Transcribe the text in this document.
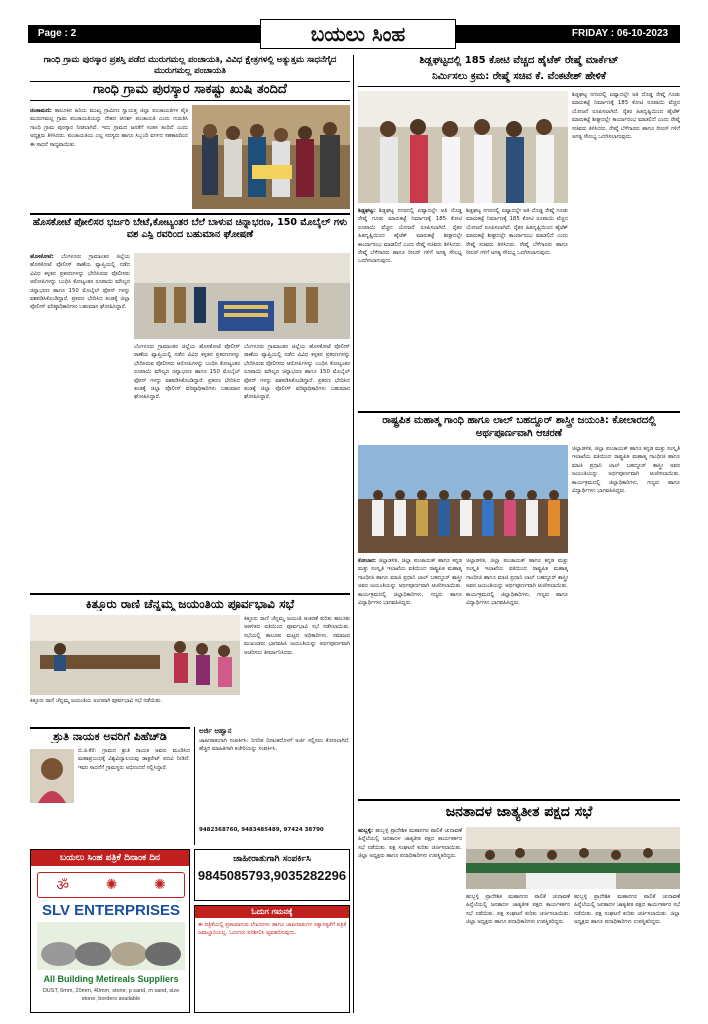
Page : 2	ಬಯಲು ಸಿಂಹ	FRIDAY : 06-10-2023
ಗಾಂಧಿ ಗ್ರಾಮ ಪುರಸ್ಕಾರ ಪ್ರಶಸ್ತಿ ಪಡೆದ ಮುರುಗಮಲ್ಲ ಪಂಚಾಯತಿ, ವಿವಿಧ ಕ್ಷೇತ್ರಗಳಲ್ಲಿ ಅತ್ಯುತ್ತಮ ಸಾಧನೆಗೈದ ಮುರುಗಮಲ್ಲ ಪಂಚಾಯತಿ
ಗಾಂಧಿ ಗ್ರಾಮ ಪುರಸ್ಕಾರ ಸಾಕಷ್ಟು ಖುಷಿ ತಂದಿದೆ
ಚಿಂತಾಮಣಿ: ತಾಲೂಕಿನ ಹಿರಿಯ ಮುಖ್ಯ ಗ್ರಾಮೀಣ ಸ್ವಾಯತ್ತ ಜಿಲ್ಲಾ ಪಂಚಾಯತಿಗಳ ಪೈಕಿ ಮುರುಗಮಲ್ಲ ಗ್ರಾಮ ಪಂಚಾಯತಿಯನ್ನು ದೇಶದ ಆದರ್ಶ ಪಂಚಾಯತಿ ಎಂದು ಗುರುತಿಸಿ ಗಾಂಧಿ ಗ್ರಾಮ ಪುರಸ್ಕಾರ ನೀಡಲಾಗಿದೆ. ಇದು ಗ್ರಾಮದ ಜನತೆಗೆ ಸಂತಸ ತಂದಿದೆ ಎಂದು ಅಧ್ಯಕ್ಷರು ತಿಳಿಸಿದರು. ಪಂಚಾಯತಿಯ ಎಲ್ಲ ಸದಸ್ಯರು ಹಾಗೂ ಸಿಬ್ಬಂದಿ ವರ್ಗದ ಸಹಕಾರದಿಂದ ಈ ಸಾಧನೆ ಸಾಧ್ಯವಾಯಿತು.
ಹೊಸಕೋಟೆ ಪೋಲಿಸರ ಭರ್ಜರಿ ಬೇಟೆ,ಕೋಟ್ಯಂತರ ಬೆಲೆ ಬಾಳುವ ಚಿನ್ನಾಭರಣ, 150 ಮೊಬೈಲ್ ಗಳು ವಶ ಎಸ್ಪಿ ರವರಿಂದ ಬಹುಮಾನ ಘೋಷಣೆ
ಹೊಸಕೋಟೆ: ಬೆಂಗಳೂರು ಗ್ರಾಮಾಂತರ ಜಿಲ್ಲೆಯ ಹೊಸಕೋಟೆ ಪೊಲೀಸ್ ಠಾಣೆಯ ವ್ಯಾಪ್ತಿಯಲ್ಲಿ ನಡೆದ ವಿವಿಧ ಕಳ್ಳತನ ಪ್ರಕರಣಗಳನ್ನು ಭೇದಿಸಿರುವ ಪೊಲೀಸರು ಆರೋಪಿಗಳನ್ನು ಬಂಧಿಸಿ ಕೋಟ್ಯಂತರ ರೂಪಾಯಿ ಮೌಲ್ಯದ ಚಿನ್ನಾಭರಣ ಹಾಗೂ 150 ಮೊಬೈಲ್ ಫೋನ್ ಗಳನ್ನು ವಶಪಡಿಸಿಕೊಂಡಿದ್ದಾರೆ. ಪ್ರಕರಣ ಭೇದಿಸಿದ ತಂಡಕ್ಕೆ ಜಿಲ್ಲಾ ಪೊಲೀಸ್ ವರಿಷ್ಠಾಧಿಕಾರಿಗಳು ಬಹುಮಾನ ಘೋಷಿಸಿದ್ದಾರೆ.
ಬೆಂಗಳೂರು ಗ್ರಾಮಾಂತರ ಜಿಲ್ಲೆಯ ಹೊಸಕೋಟೆ ಪೊಲೀಸ್ ಠಾಣೆಯ ವ್ಯಾಪ್ತಿಯಲ್ಲಿ ನಡೆದ ವಿವಿಧ ಕಳ್ಳತನ ಪ್ರಕರಣಗಳನ್ನು ಭೇದಿಸಿರುವ ಪೊಲೀಸರು ಆರೋಪಿಗಳನ್ನು ಬಂಧಿಸಿ ಕೋಟ್ಯಂತರ ರೂಪಾಯಿ ಮೌಲ್ಯದ ಚಿನ್ನಾಭರಣ ಹಾಗೂ 150 ಮೊಬೈಲ್ ಫೋನ್ ಗಳನ್ನು ವಶಪಡಿಸಿಕೊಂಡಿದ್ದಾರೆ. ಪ್ರಕರಣ ಭೇದಿಸಿದ ತಂಡಕ್ಕೆ ಜಿಲ್ಲಾ ಪೊಲೀಸ್ ವರಿಷ್ಠಾಧಿಕಾರಿಗಳು ಬಹುಮಾನ ಘೋಷಿಸಿದ್ದಾರೆ.
ಬೆಂಗಳೂರು ಗ್ರಾಮಾಂತರ ಜಿಲ್ಲೆಯ ಹೊಸಕೋಟೆ ಪೊಲೀಸ್ ಠಾಣೆಯ ವ್ಯಾಪ್ತಿಯಲ್ಲಿ ನಡೆದ ವಿವಿಧ ಕಳ್ಳತನ ಪ್ರಕರಣಗಳನ್ನು ಭೇದಿಸಿರುವ ಪೊಲೀಸರು ಆರೋಪಿಗಳನ್ನು ಬಂಧಿಸಿ ಕೋಟ್ಯಂತರ ರೂಪಾಯಿ ಮೌಲ್ಯದ ಚಿನ್ನಾಭರಣ ಹಾಗೂ 150 ಮೊಬೈಲ್ ಫೋನ್ ಗಳನ್ನು ವಶಪಡಿಸಿಕೊಂಡಿದ್ದಾರೆ. ಪ್ರಕರಣ ಭೇದಿಸಿದ ತಂಡಕ್ಕೆ ಜಿಲ್ಲಾ ಪೊಲೀಸ್ ವರಿಷ್ಠಾಧಿಕಾರಿಗಳು ಬಹುಮಾನ ಘೋಷಿಸಿದ್ದಾರೆ.
ಕಿತ್ತೂರು ರಾಣಿ ಚೆನ್ನಮ್ಮ ಜಯಂತಿಯ ಪೂರ್ವಭಾವಿ ಸಭೆ
ಕಿತ್ತೂರು ರಾಣಿ ಚೆನ್ನಮ್ಮ ಜಯಂತಿ ಆಚರಣೆ ಕುರಿತು ತಾಲೂಕು ಆಡಳಿತದ ವತಿಯಿಂದ ಪೂರ್ವಭಾವಿ ಸಭೆ ನಡೆಸಲಾಯಿತು. ಸಭೆಯಲ್ಲಿ ತಾಲೂಕು ಮಟ್ಟದ ಅಧಿಕಾರಿಗಳು, ಸಮಾಜದ ಮುಖಂಡರು ಭಾಗವಹಿಸಿ ಜಯಂತಿಯನ್ನು ಅರ್ಥಪೂರ್ಣವಾಗಿ ಆಚರಿಸಲು ತೀರ್ಮಾನಿಸಿದರು.
ಕಿತ್ತೂರು ರಾಣಿ ಚೆನ್ನಮ್ಮ ಜಯಂತಿಯ ಅಂಗವಾಗಿ ಪೂರ್ವಭಾವಿ ಸಭೆ ನಡೆಯಿತು.
ಶ್ರುತಿ ನಾಯಕ ಅವರಿಗೆ ಪಿಹೆಚ್‌ಡಿ
ಬಿ.ಜಿ.ಕೆರೆ: ಗ್ರಾಮದ ಶ್ರುತಿ ನಾಯಕ ಅವರು ಮಂಡಿಸಿದ ಮಹಾಪ್ರಬಂಧಕ್ಕೆ ವಿಶ್ವವಿದ್ಯಾಲಯವು ಡಾಕ್ಟರೇಟ್ ಪದವಿ ನೀಡಿದೆ. ಇವರ ಸಾಧನೆಗೆ ಗ್ರಾಮಸ್ಥರು ಅಭಿನಂದನೆ ಸಲ್ಲಿಸಿದ್ದಾರೆ.
ಅರ್ಜಿ ಆಹ್ವಾನ
ಜಾಹೀರಾತುಗಾಗಿ ಸಂಪರ್ಕಿಸಿ: ನಿಗದಿತ ದಿನಾಂಕದೊಳಗೆ ಅರ್ಜಿ ಸಲ್ಲಿಸಲು ಕೋರಲಾಗಿದೆ. ಹೆಚ್ಚಿನ ಮಾಹಿತಿಗಾಗಿ ಕಚೇರಿಯನ್ನು ಸಂಪರ್ಕಿಸಿ.
9482368760, 9483485489, 97424 38790
ಬಯಲು ಸಿಂಹ ಪತ್ರಿಕೆ ದಿನಾಂಕ ದಿನ
ॐ	✺	✺
SLV ENTERPRISES
All Building Metireals Suppliers
DUST, 6mm, 20mm, 40mm, stone, p sand, m sand, size stone, borders available
ಜಾಹೀರಾತುಗಾಗಿ ಸಂಪರ್ಕಿಸಿ
9845085793,9035282296
ಓದುಗ ಗಮನಕ್ಕೆ
ಈ ಪತ್ರಿಕೆಯಲ್ಲಿ ಪ್ರಕಟವಾಗುವ ಲೇಖನಗಳು ಹಾಗೂ ಜಾಹೀರಾತುಗಳ ಸತ್ಯಾಸತ್ಯತೆಗೆ ಪತ್ರಿಕೆ ಜವಾಬ್ದಾರಿಯಲ್ಲ. ಓದುಗರು ಪರಿಶೀಲಿಸಿ ವ್ಯವಹರಿಸುವುದು.
ಶಿಡ್ಲಘಟ್ಟದಲ್ಲಿ 185 ಕೋಟಿ ವೆಚ್ಚದ ಹೈಟೆಕ್ ರೇಷ್ಮೆ ಮಾರ್ಕೆಟ್
ನಿರ್ಮಿಸಲು ಕ್ರಮ: ರೇಷ್ಮೆ ಸಚಿವ ಕೆ. ವೆಂಕಟೇಶ್ ಹೇಳಿಕೆ
ಶಿಡ್ಲಘಟ್ಟ ನಗರದಲ್ಲಿ ಏಷ್ಯಾದಲ್ಲೇ ಅತಿ ದೊಡ್ಡ ರೇಷ್ಮೆ ಗೂಡು ಮಾರುಕಟ್ಟೆ ನಿರ್ಮಾಣಕ್ಕೆ 185 ಕೋಟಿ ರೂಪಾಯಿ ವೆಚ್ಚದ ಯೋಜನೆ ರೂಪಿಸಲಾಗಿದೆ. ರೈತರ ಹಿತದೃಷ್ಟಿಯಿಂದ ಹೈಟೆಕ್ ಮಾರುಕಟ್ಟೆ ಶೀಘ್ರದಲ್ಲೇ ಕಾರ್ಯಾರಂಭ ಮಾಡಲಿದೆ ಎಂದು ರೇಷ್ಮೆ ಸಚಿವರು ತಿಳಿಸಿದರು. ರೇಷ್ಮೆ ಬೆಳೆಗಾರರು ಹಾಗೂ ರೀಲರ್ ಗಳಿಗೆ ಅಗತ್ಯ ಸೌಲಭ್ಯ ಒದಗಿಸಲಾಗುವುದು.
ಶಿಡ್ಲಘಟ್ಟ: ಶಿಡ್ಲಘಟ್ಟ ನಗರದಲ್ಲಿ ಏಷ್ಯಾದಲ್ಲೇ ಅತಿ ದೊಡ್ಡ ರೇಷ್ಮೆ ಗೂಡು ಮಾರುಕಟ್ಟೆ ನಿರ್ಮಾಣಕ್ಕೆ 185 ಕೋಟಿ ರೂಪಾಯಿ ವೆಚ್ಚದ ಯೋಜನೆ ರೂಪಿಸಲಾಗಿದೆ. ರೈತರ ಹಿತದೃಷ್ಟಿಯಿಂದ ಹೈಟೆಕ್ ಮಾರುಕಟ್ಟೆ ಶೀಘ್ರದಲ್ಲೇ ಕಾರ್ಯಾರಂಭ ಮಾಡಲಿದೆ ಎಂದು ರೇಷ್ಮೆ ಸಚಿವರು ತಿಳಿಸಿದರು. ರೇಷ್ಮೆ ಬೆಳೆಗಾರರು ಹಾಗೂ ರೀಲರ್ ಗಳಿಗೆ ಅಗತ್ಯ ಸೌಲಭ್ಯ ಒದಗಿಸಲಾಗುವುದು.
ಶಿಡ್ಲಘಟ್ಟ ನಗರದಲ್ಲಿ ಏಷ್ಯಾದಲ್ಲೇ ಅತಿ ದೊಡ್ಡ ರೇಷ್ಮೆ ಗೂಡು ಮಾರುಕಟ್ಟೆ ನಿರ್ಮಾಣಕ್ಕೆ 185 ಕೋಟಿ ರೂಪಾಯಿ ವೆಚ್ಚದ ಯೋಜನೆ ರೂಪಿಸಲಾಗಿದೆ. ರೈತರ ಹಿತದೃಷ್ಟಿಯಿಂದ ಹೈಟೆಕ್ ಮಾರುಕಟ್ಟೆ ಶೀಘ್ರದಲ್ಲೇ ಕಾರ್ಯಾರಂಭ ಮಾಡಲಿದೆ ಎಂದು ರೇಷ್ಮೆ ಸಚಿವರು ತಿಳಿಸಿದರು. ರೇಷ್ಮೆ ಬೆಳೆಗಾರರು ಹಾಗೂ ರೀಲರ್ ಗಳಿಗೆ ಅಗತ್ಯ ಸೌಲಭ್ಯ ಒದಗಿಸಲಾಗುವುದು.
ರಾಷ್ಟ್ರಪಿತ ಮಹಾತ್ಮ ಗಾಂಧಿ ಹಾಗೂ ಲಾಲ್ ಬಹದ್ದೂರ್ ಶಾಸ್ತ್ರೀ ಜಯಂತಿ: ಕೋಲಾರದಲ್ಲಿ ಅರ್ಥಪೂರ್ಣವಾಗಿ ಆಚರಣೆ
ಜಿಲ್ಲಾಡಳಿತ, ಜಿಲ್ಲಾ ಪಂಚಾಯತ್ ಹಾಗೂ ಕನ್ನಡ ಮತ್ತು ಸಂಸ್ಕೃತಿ ಇಲಾಖೆಯ ವತಿಯಿಂದ ರಾಷ್ಟ್ರಪಿತ ಮಹಾತ್ಮ ಗಾಂಧೀಜಿ ಹಾಗೂ ಮಾಜಿ ಪ್ರಧಾನಿ ಲಾಲ್ ಬಹದ್ದೂರ್ ಶಾಸ್ತ್ರೀ ಅವರ ಜಯಂತಿಯನ್ನು ಅರ್ಥಪೂರ್ಣವಾಗಿ ಆಚರಿಸಲಾಯಿತು. ಕಾರ್ಯಕ್ರಮದಲ್ಲಿ ಜಿಲ್ಲಾಧಿಕಾರಿಗಳು, ಗಣ್ಯರು ಹಾಗೂ ವಿದ್ಯಾರ್ಥಿಗಳು ಭಾಗವಹಿಸಿದ್ದರು.
ಕೋಲಾರ: ಜಿಲ್ಲಾಡಳಿತ, ಜಿಲ್ಲಾ ಪಂಚಾಯತ್ ಹಾಗೂ ಕನ್ನಡ ಮತ್ತು ಸಂಸ್ಕೃತಿ ಇಲಾಖೆಯ ವತಿಯಿಂದ ರಾಷ್ಟ್ರಪಿತ ಮಹಾತ್ಮ ಗಾಂಧೀಜಿ ಹಾಗೂ ಮಾಜಿ ಪ್ರಧಾನಿ ಲಾಲ್ ಬಹದ್ದೂರ್ ಶಾಸ್ತ್ರೀ ಅವರ ಜಯಂತಿಯನ್ನು ಅರ್ಥಪೂರ್ಣವಾಗಿ ಆಚರಿಸಲಾಯಿತು. ಕಾರ್ಯಕ್ರಮದಲ್ಲಿ ಜಿಲ್ಲಾಧಿಕಾರಿಗಳು, ಗಣ್ಯರು ಹಾಗೂ ವಿದ್ಯಾರ್ಥಿಗಳು ಭಾಗವಹಿಸಿದ್ದರು.
ಜಿಲ್ಲಾಡಳಿತ, ಜಿಲ್ಲಾ ಪಂಚಾಯತ್ ಹಾಗೂ ಕನ್ನಡ ಮತ್ತು ಸಂಸ್ಕೃತಿ ಇಲಾಖೆಯ ವತಿಯಿಂದ ರಾಷ್ಟ್ರಪಿತ ಮಹಾತ್ಮ ಗಾಂಧೀಜಿ ಹಾಗೂ ಮಾಜಿ ಪ್ರಧಾನಿ ಲಾಲ್ ಬಹದ್ದೂರ್ ಶಾಸ್ತ್ರೀ ಅವರ ಜಯಂತಿಯನ್ನು ಅರ್ಥಪೂರ್ಣವಾಗಿ ಆಚರಿಸಲಾಯಿತು. ಕಾರ್ಯಕ್ರಮದಲ್ಲಿ ಜಿಲ್ಲಾಧಿಕಾರಿಗಳು, ಗಣ್ಯರು ಹಾಗೂ ವಿದ್ಯಾರ್ಥಿಗಳು ಭಾಗವಹಿಸಿದ್ದರು.
ಜನತಾದಳ ಜಾತ್ಯತೀತ ಪಕ್ಷದ ಸಭೆ
ಹುಬ್ಬಳ್ಳಿ: ಹುಬ್ಬಳ್ಳಿ ಪ್ರಾದೇಶಿಕ ಮಹಾನಗರ ಪಾಲಿಕೆ ಚುನಾವಣೆ ಹಿನ್ನೆಲೆಯಲ್ಲಿ ಜನತಾದಳ ಜಾತ್ಯತೀತ ಪಕ್ಷದ ಕಾರ್ಯಕರ್ತರ ಸಭೆ ನಡೆಯಿತು. ಪಕ್ಷ ಸಂಘಟನೆ ಕುರಿತು ಚರ್ಚಿಸಲಾಯಿತು. ಜಿಲ್ಲಾ ಅಧ್ಯಕ್ಷರು ಹಾಗೂ ಪದಾಧಿಕಾರಿಗಳು ಉಪಸ್ಥಿತರಿದ್ದರು.
ಹುಬ್ಬಳ್ಳಿ ಪ್ರಾದೇಶಿಕ ಮಹಾನಗರ ಪಾಲಿಕೆ ಚುನಾವಣೆ ಹಿನ್ನೆಲೆಯಲ್ಲಿ ಜನತಾದಳ ಜಾತ್ಯತೀತ ಪಕ್ಷದ ಕಾರ್ಯಕರ್ತರ ಸಭೆ ನಡೆಯಿತು. ಪಕ್ಷ ಸಂಘಟನೆ ಕುರಿತು ಚರ್ಚಿಸಲಾಯಿತು. ಜಿಲ್ಲಾ ಅಧ್ಯಕ್ಷರು ಹಾಗೂ ಪದಾಧಿಕಾರಿಗಳು ಉಪಸ್ಥಿತರಿದ್ದರು.
ಹುಬ್ಬಳ್ಳಿ ಪ್ರಾದೇಶಿಕ ಮಹಾನಗರ ಪಾಲಿಕೆ ಚುನಾವಣೆ ಹಿನ್ನೆಲೆಯಲ್ಲಿ ಜನತಾದಳ ಜಾತ್ಯತೀತ ಪಕ್ಷದ ಕಾರ್ಯಕರ್ತರ ಸಭೆ ನಡೆಯಿತು. ಪಕ್ಷ ಸಂಘಟನೆ ಕುರಿತು ಚರ್ಚಿಸಲಾಯಿತು. ಜಿಲ್ಲಾ ಅಧ್ಯಕ್ಷರು ಹಾಗೂ ಪದಾಧಿಕಾರಿಗಳು ಉಪಸ್ಥಿತರಿದ್ದರು.
